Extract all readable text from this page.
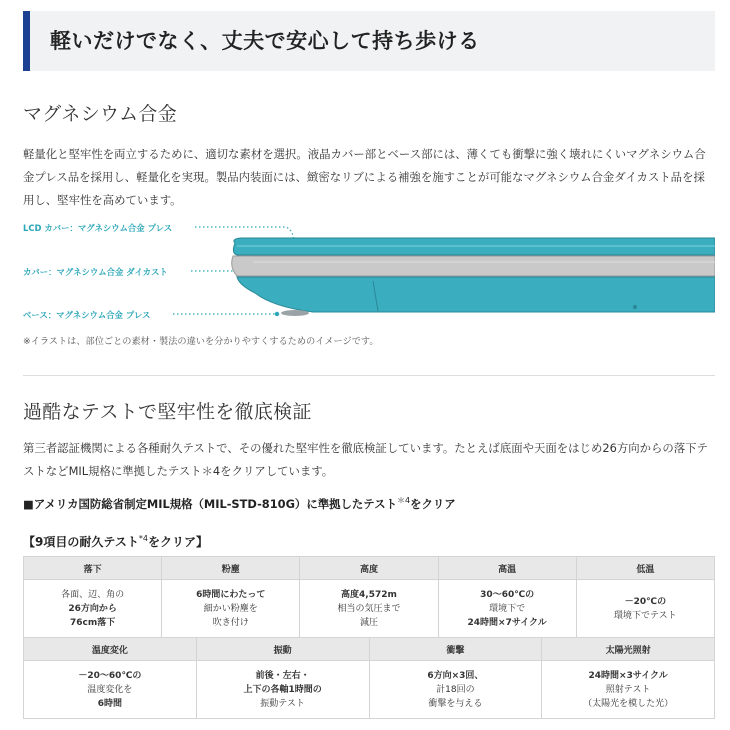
軽いだけでなく、丈夫で安心して持ち歩ける
マグネシウム合金

軽量化と堅牢性を両立するために、適切な素材を選択。液晶カバー部とベース部には、薄くても衝撃に強く壊れにくいマグネシウム合金プレス品を採用し、軽量化を実現。製品内装面には、緻密なリブによる補強を施すことが可能なマグネシウム合金ダイカスト品を採用し、堅牢性を高めています。

LCD カバー：マグネシウム合金 プレス
カバー：マグネシウム合金 ダイカスト
ベース：マグネシウム合金 プレス

※イラストは、部位ごとの素材・製法の違いを分かりやすくするためのイメージです。

過酷なテストで堅牢性を徹底検証

第三者認証機関による各種耐久テストで、その優れた堅牢性を徹底検証しています。たとえば底面や天面をはじめ26方向からの落下テストなどMIL規格に準拠したテスト＊4をクリアしています。

■アメリカ国防総省制定MIL規格（MIL-STD-810G）に準拠したテスト$^{*4}$をクリア

【9項目の耐久テスト$^{*4}$をクリア】

落下	粉塵	高度	高温	低温
各面、辺、角の
26方向から
76cm落下	6時間にわたって
細かい粉塵を
吹き付け	高度4,572m
相当の気圧まで
減圧	30～60℃の
環境下で
24時間×7サイクル	－20℃の
環境下でテスト
温度変化	振動	衝撃	太陽光照射
－20～60℃の
温度変化を
6時間	前後・左右・
上下の各軸1時間の
振動テスト	6方向×3回、
計18回の
衝撃を与える	24時間×3サイクル
照射テスト
（太陽光を模した光）
